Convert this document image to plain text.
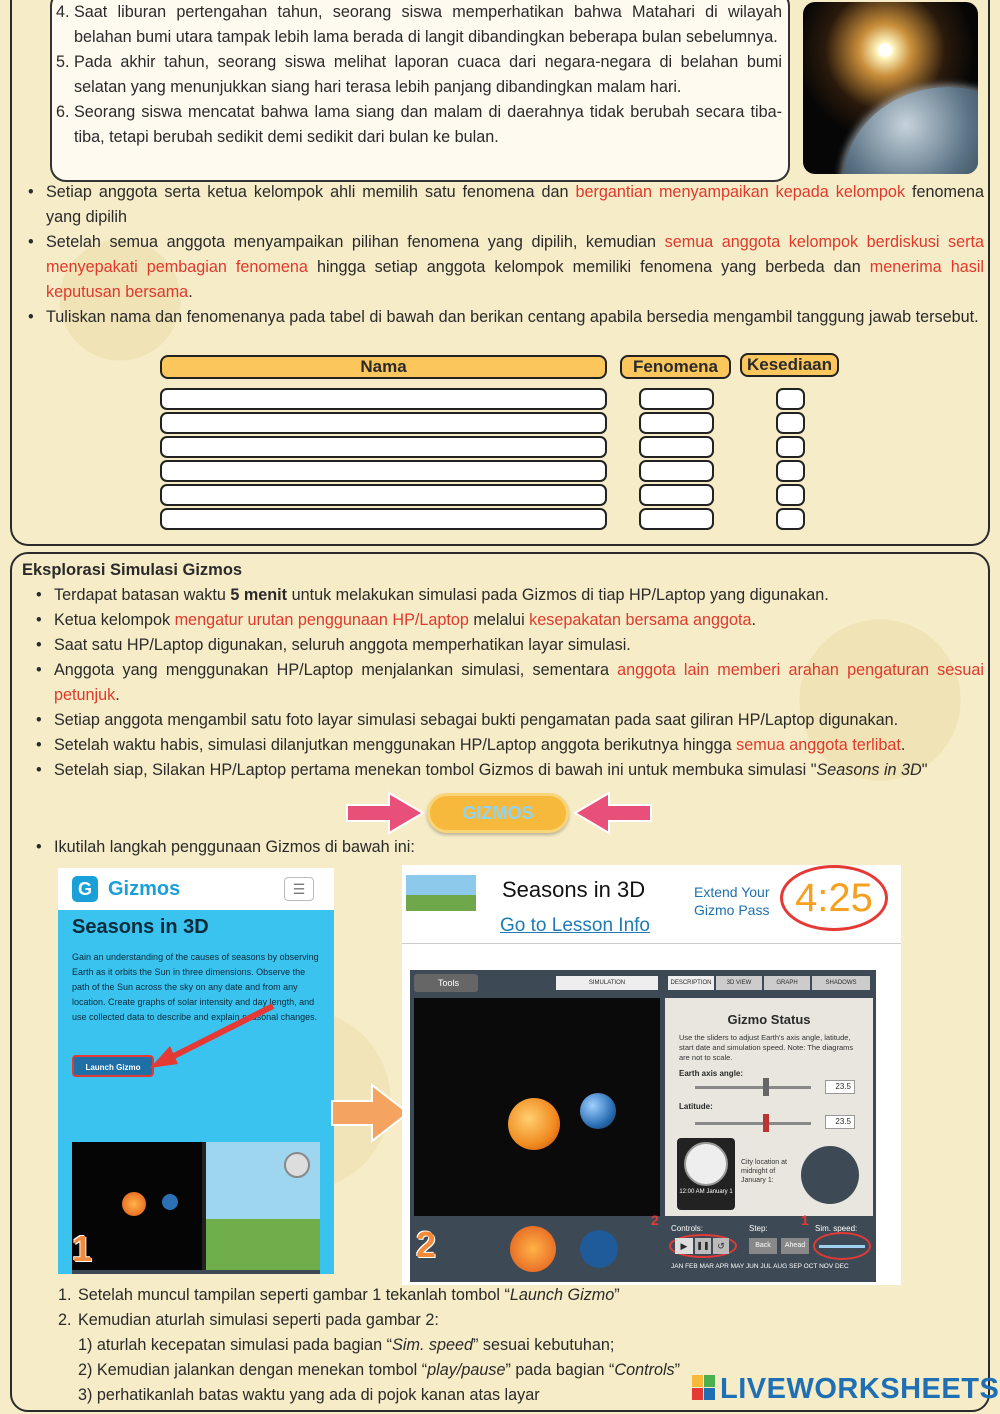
4. Saat liburan pertengahan tahun, seorang siswa memperhatikan bahwa Matahari di wilayah belahan bumi utara tampak lebih lama berada di langit dibandingkan beberapa bulan sebelumnya.
5. Pada akhir tahun, seorang siswa melihat laporan cuaca dari negara-negara di belahan bumi selatan yang menunjukkan siang hari terasa lebih panjang dibandingkan malam hari.
6. Seorang siswa mencatat bahwa lama siang dan malam di daerahnya tidak berubah secara tiba-tiba, tetapi berubah sedikit demi sedikit dari bulan ke bulan.
• Setiap anggota serta ketua kelompok ahli memilih satu fenomena dan bergantian menyampaikan kepada kelompok fenomena yang dipilih
• Setelah semua anggota menyampaikan pilihan fenomena yang dipilih, kemudian semua anggota kelompok berdiskusi serta menyepakati pembagian fenomena hingga setiap anggota kelompok memiliki fenomena yang berbeda dan menerima hasil keputusan bersama.
• Tuliskan nama dan fenomenanya pada tabel di bawah dan berikan centang apabila bersedia mengambil tanggung jawab tersebut.
Nama	Fenomena	Kesediaan
Eksplorasi Simulasi Gizmos
• Terdapat batasan waktu 5 menit untuk melakukan simulasi pada Gizmos di tiap HP/Laptop yang digunakan.
• Ketua kelompok mengatur urutan penggunaan HP/Laptop melalui kesepakatan bersama anggota.
• Saat satu HP/Laptop digunakan, seluruh anggota memperhatikan layar simulasi.
• Anggota yang menggunakan HP/Laptop menjalankan simulasi, sementara anggota lain memberi arahan pengaturan sesuai petunjuk.
• Setiap anggota mengambil satu foto layar simulasi sebagai bukti pengamatan pada saat giliran HP/Laptop digunakan.
• Setelah waktu habis, simulasi dilanjutkan menggunakan HP/Laptop anggota berikutnya hingga semua anggota terlibat.
• Setelah siap, Silakan HP/Laptop pertama menekan tombol Gizmos di bawah ini untuk membuka simulasi "Seasons in 3D"
GIZMOS
• Ikutilah langkah penggunaan Gizmos di bawah ini:
G Gizmos	☰
Seasons in 3D
Gain an understanding of the causes of seasons by observing Earth as it orbits the Sun in three dimensions. Observe the path of the Sun across the sky on any date and from any location. Create graphs of solar intensity and day length, and use collected data to describe and explain seasonal changes.
Launch Gizmo
1
Seasons in 3D
Go to Lesson Info
Extend Your Gizmo Pass 4:25
Tools	SIMULATION	DESCRIPTION	3D VIEW	GRAPH	SHADOWS
Gizmo Status
Use the sliders to adjust Earth's axis angle, latitude, start date and simulation speed. Note: The diagrams are not to scale.
Earth axis angle:
23.5
Latitude:
23.5
12:00 AM January 1
City location at midnight of January 1:
2	Controls:	Step:	Sim. speed:
▶	❚❚ ↺	Back	Ahead
JAN FEB MAR APR MAY JUN JUL AUG SEP OCT NOV DEC
2	1
1. Setelah muncul tampilan seperti gambar 1 tekanlah tombol “Launch Gizmo”
2. Kemudian aturlah simulasi seperti pada gambar 2:
1) aturlah kecepatan simulasi pada bagian “Sim. speed” sesuai kebutuhan;
2) Kemudian jalankan dengan menekan tombol “play/pause” pada bagian “Controls”
3) perhatikanlah batas waktu yang ada di pojok kanan atas layar	LIVEWORKSHEETS
